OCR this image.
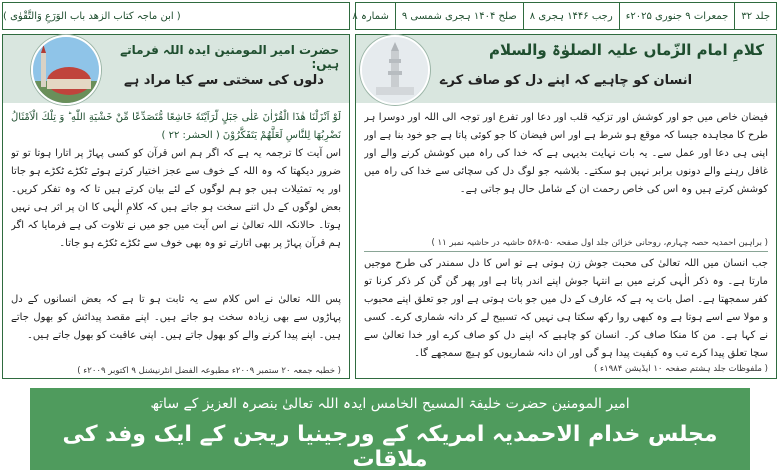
جلد ۳۲
جمعرات ۹ جنوری ۲۰۲۵ء
۸ رجب ۱۴۴۶ ہجری
۹ صلح ۱۴۰۴ ہجری شمسی
شمارہ ۸
( ابن ماجہ کتاب الزھد باب الوَرَعِ وَالتَّقْوٰی )
کلامِ امام الزّماں علیہ الصلوٰۃ والسلام
انسان کو چاہیے کہ اپنے دل کو صاف کرے
فیضان خاص میں جو اور کوشش اور تزکیہ قلب اور دعا اور تفرع اور توجہ الی اللہ اور دوسرا ہر طرح کا مجاہدہ جیسا کہ موقع ہو شرط ہے اور اس فیضان کا جو کوئی پاتا ہے جو خود بنا ہے اور اپنی ہی دعا اور عمل سے۔ یہ بات نہایت بدیہی ہے کہ خدا کی راہ میں کوشش کرنے والے اور غافل رہنے والے دونوں برابر نہیں ہو سکتے۔ بلاشبہ جو لوگ دل کی سچائی سے خدا کی راہ میں کوشش کرتے ہیں وہ اس کی خاص رحمت ان کے شامل حال ہو جاتی ہے۔
( براہین احمدیہ حصہ چہارم، روحانی خزائن جلد اول صفحہ ۵۰-۵۶۸ حاشیہ در حاشیہ نمبر ۱۱ )
جب انسان میں اللہ تعالیٰ کی محبت جوش زن ہوتی ہے تو اس کا دل سمندر کی طرح موجیں مارتا ہے۔ وہ ذکر الٰہی کرنے میں بے انتہا جوش اپنے اندر پاتا ہے اور پھر گن گن کر ذکر کرنا تو کفر سمجھتا ہے۔ اصل بات یہ ہے کہ عارف کے دل میں جو بات ہوتی ہے اور جو تعلق اپنے محبوب و مولا سے اسے ہوتا ہے وہ کبھی روا رکھ سکتا ہی نہیں کہ تسبیح لے کر دانہ شماری کرے۔ کسی نے کہا ہے۔ من کا منکا صاف کر۔ انسان کو چاہیے کہ اپنے دل کو صاف کرے اور خدا تعالیٰ سے سچا تعلق پیدا کرے تب وہ کیفیت پیدا ہو گی اور ان دانہ شماریوں کو ہیچ سمجھے گا۔
( ملفوظات جلد ہشتم صفحہ ۱۰ ایڈیشن ۱۹۸۴ء )
حضرت امیر المومنین ایدہ اللہ فرماتے ہیں:
دلوں کی سختی سے کیا مراد ہے
لَوْ اَنْزَلْنَا هٰذَا الْقُرْاٰنَ عَلٰى جَبَلٍ لَّرَاَيْتَهٗ خَاشِعًا مُّتَصَدِّعًا مِّنْ خَشْيَةِ اللّٰهِ ؕ وَ تِلْكَ الْاَمْثَالُ نَضْرِبُهَا لِلنَّاسِ لَعَلَّهُمْ يَتَفَكَّرُوْنَ ( الحشر: ۲۲ )
اس آیت کا ترجمہ یہ ہے کہ اگر ہم اس قرآن کو کسی پہاڑ پر اتارا ہوتا تو تو ضرور دیکھتا کہ وہ اللہ کے خوف سے عجز اختیار کرتے ہوئے ٹکڑے ٹکڑے ہو جاتا اور یہ تمثیلات ہیں جو ہم لوگوں کے لئے بیان کرتے ہیں تا کہ وہ تفکر کریں۔ بعض لوگوں کے دل اتنے سخت ہو جاتے ہیں کہ کلامِ الٰہی کا ان پر اثر ہی نہیں ہوتا۔ حالانکہ اللہ تعالیٰ نے اس آیت میں جو میں نے تلاوت کی ہے فرمایا کہ اگر ہم قرآن پہاڑ پر بھی اتارتے تو وہ بھی خوف سے ٹکڑے ٹکڑے ہو جاتا۔
پس اللہ تعالیٰ نے اس کلام سے یہ ثابت ہو تا ہے کہ بعض انسانوں کے دل پہاڑوں سے بھی زیادہ سخت ہو جاتے ہیں۔ اپنے مقصد پیدائش کو بھول جاتے ہیں۔ اپنے پیدا کرنے والے کو بھول جاتے ہیں۔ اپنی عاقبت کو بھول جاتے ہیں۔
( خطبہ جمعہ ۲۰ ستمبر ۲۰۰۹ء مطبوعہ الفضل انٹرنیشنل ۹ اکتوبر ۲۰۰۹ء )
امیر المومنین حضرت خلیفۃ المسیح الخامس ایدہ اللہ تعالیٰ بنصرہ العزیز کے ساتھ
مجلس خدام الاحمدیہ امریکہ کے ورجینیا ریجن کے ایک وفد کی ملاقات
